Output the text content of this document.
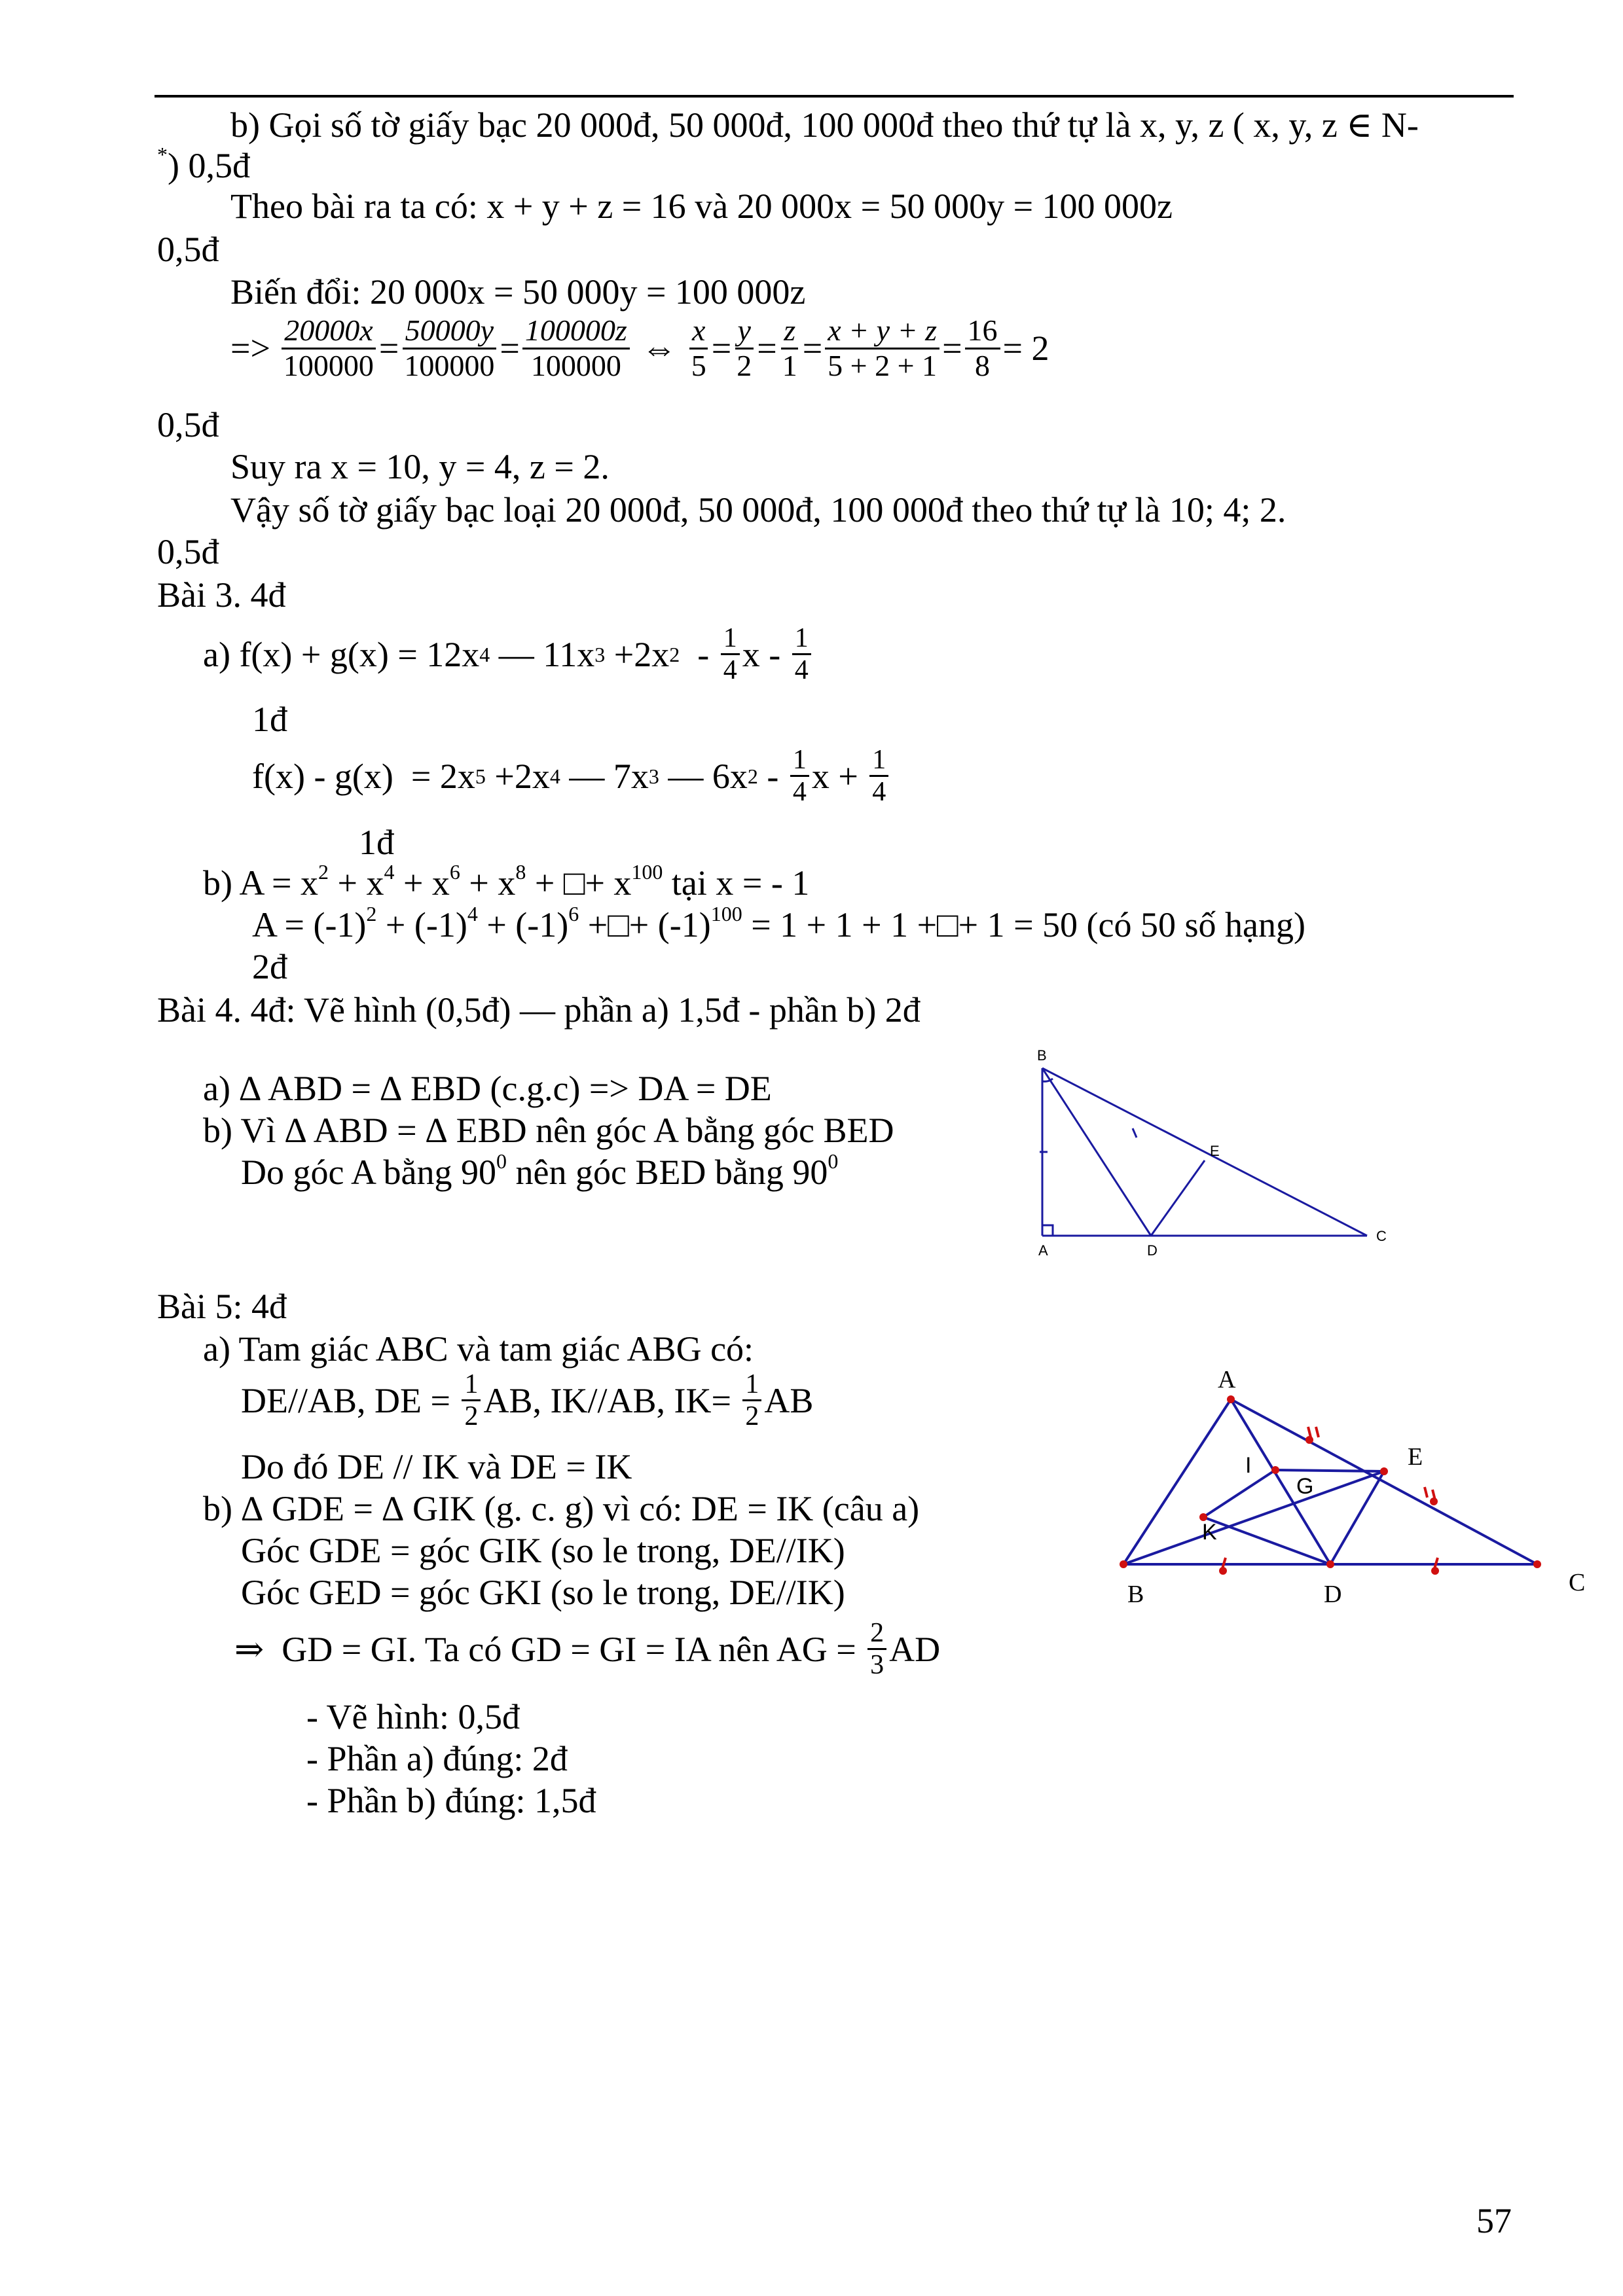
b) Gọi số tờ giấy bạc 20 000đ, 50 000đ, 100 000đ theo thứ tự là x, y, z ( x, y, z ∈ N-
*) 0,5đ
Theo bài ra ta có: x + y + z = 16 và 20 000x = 50 000y = 100 000z
0,5đ
Biến đổi: 20 000x = 50 000y = 100 000z
=> $\frac{20000x}{100000} = \frac{50000y}{100000} = \frac{100000z}{100000}$ ⇔ $\frac{x}{5} = \frac{y}{2} = \frac{z}{1} = \frac{x + y + z}{5 + 2 + 1} = \frac{16}{8} = 2$
0,5đ
Suy ra x = 10, y = 4, z = 2.
Vậy số tờ giấy bạc loại 20 000đ, 50 000đ, 100 000đ theo thứ tự là 10; 4; 2.
0,5đ
Bài 3. 4đ
a) f(x) + g(x) = 12x 4 — 11x 3 +2x $2 - \frac{1}{4}$ x - $\frac{1}{4}$
1đ
f(x) - g(x)  = 2x 5 +2x 4 — 7x 3 — 6x $2 - \frac{1}{4}$ $x + \frac{1}{4}$
1đ
b) $A = x^2 + x^4 + x^6 + x^8$ + □+ $x^{100}$ tại x = - 1
$A = (-1)^2 + (-1)^4 + (-1)^6$ +□+ $(-1)^{100} = 1 + 1 + 1$ +□+ 1 = 50 (có 50 số hạng)
2đ
Bài 4. 4đ: Vẽ hình (0,5đ) — phần a) 1,5đ - phần b) 2đ
a) ∆ ABD = ∆ EBD (c.g.c) => DA = DE
b) Vì ∆ ABD = ∆ EBD nên góc A bằng góc BED
Do góc A bằng $90^0$ nên góc BED bằng $90^0$
B
A	D
C
E
Bài 5: 4đ
a) Tam giác ABC và tam giác ABG có:
DE//AB, DE = $\frac{1}{2}$ AB, IK//AB, $IK= \frac{1}{2}$ AB
Do đó DE // IK và DE = IK
b) ∆ GDE = ∆ GIK (g. c. g) vì có: DE = IK (câu a)
Góc GDE = góc GIK (so le trong, DE//IK)
Góc GED = góc GKI (so le trong, DE//IK)
⇒  GD = GI. Ta có GD = GI = IA nên AG = $\frac{2}{3}$ AD
- Vẽ hình: 0,5đ
- Phần a) đúng: 2đ
- Phần b) đúng: 1,5đ
A
B	C
D
E
I
G
K
57
